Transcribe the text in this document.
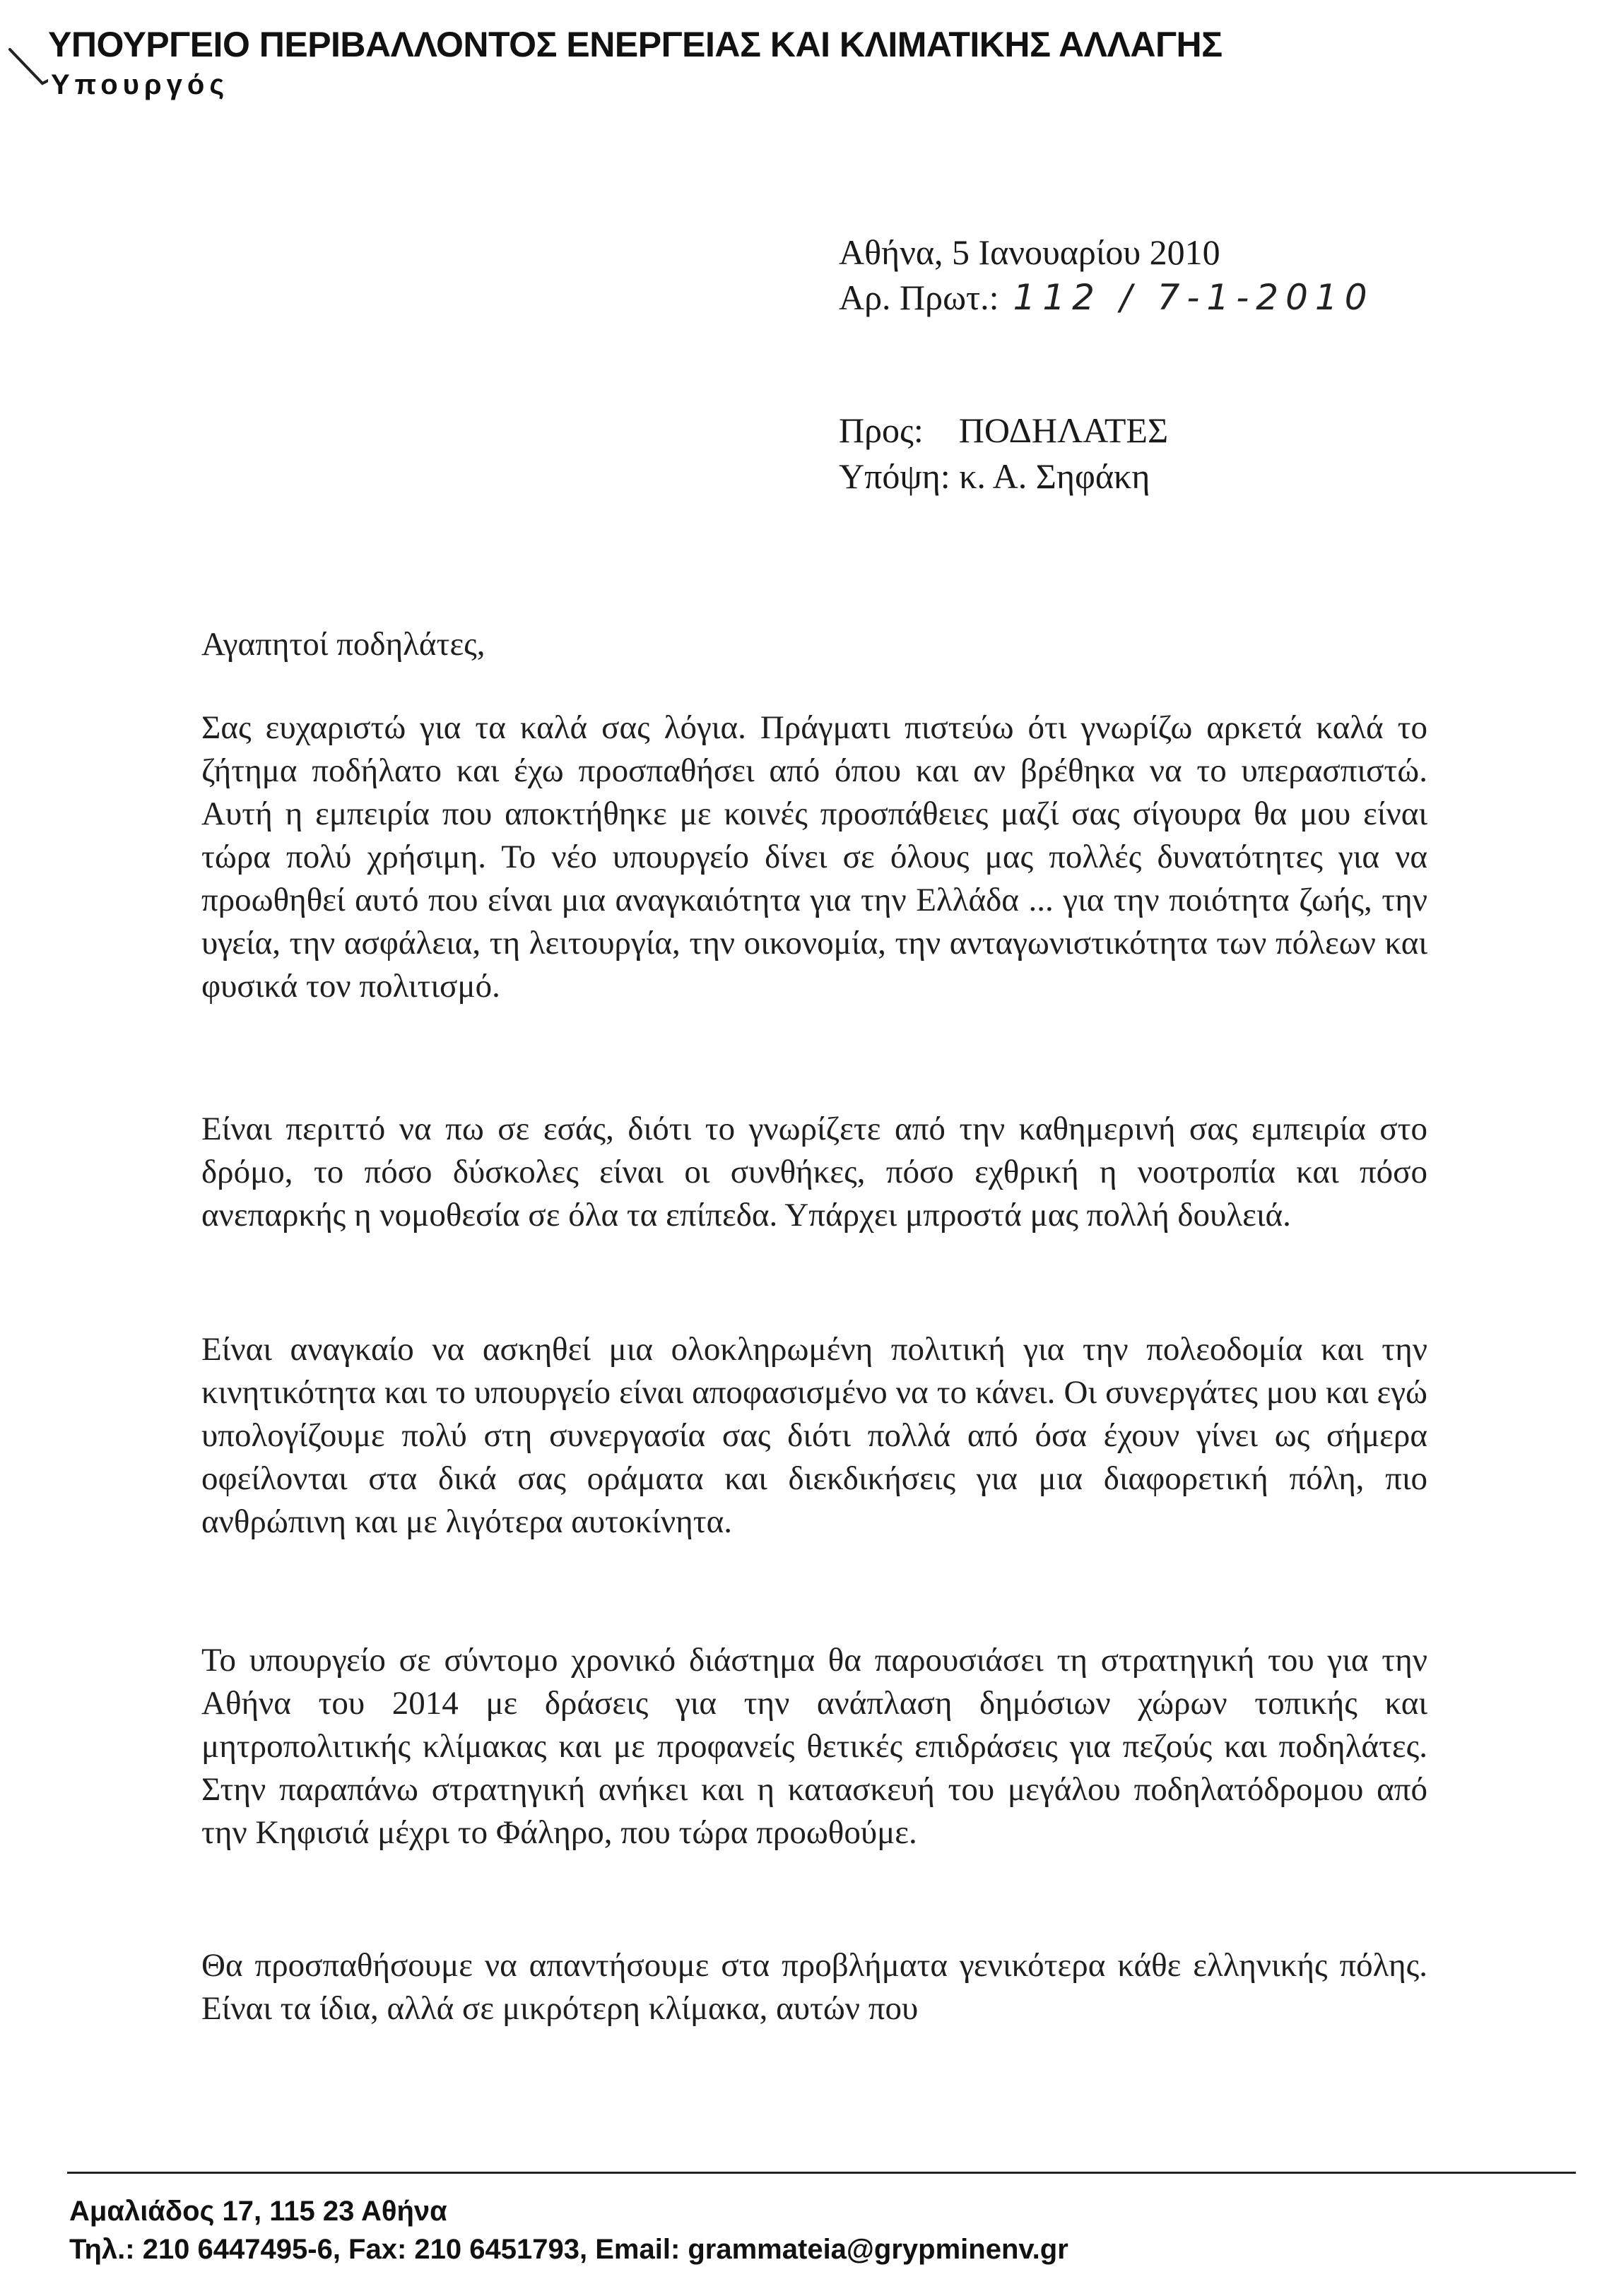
ΥΠΟΥΡΓΕΙΟ ΠΕΡΙΒΑΛΛΟΝΤΟΣ ΕΝΕΡΓΕΙΑΣ ΚΑΙ ΚΛΙΜΑΤΙΚΗΣ ΑΛΛΑΓΗΣ
Υπουργός
Αθήνα, 5 Ιανουαρίου 2010
Αρ. Πρωτ.: 112 / 7-1-2010
Προς: ΠΟΔΗΛΑΤΕΣ
Υπόψη: κ. Α. Σηφάκη

Αγαπητοί ποδηλάτες,

Σας ευχαριστώ για τα καλά σας λόγια. Πράγματι πιστεύω ότι γνωρίζω αρκετά καλά το ζήτημα ποδήλατο και έχω προσπαθήσει από όπου και αν βρέθηκα να το υπερασπιστώ. Αυτή η εμπειρία που αποκτήθηκε με κοινές προσπάθειες μαζί σας σίγουρα θα μου είναι τώρα πολύ χρήσιμη. Το νέο υπουργείο δίνει σε όλους μας πολλές δυνατότητες για να προωθηθεί αυτό που είναι μια αναγκαιότητα για την Ελλάδα ... για την ποιότητα ζωής, την υγεία, την ασφάλεια, τη λειτουργία, την οικονομία, την ανταγωνιστικότητα των πόλεων και φυσικά τον πολιτισμό.

Είναι περιττό να πω σε εσάς, διότι το γνωρίζετε από την καθημερινή σας εμπειρία στο δρόμο, το πόσο δύσκολες είναι οι συνθήκες, πόσο εχθρική η νοοτροπία και πόσο ανεπαρκής η νομοθεσία σε όλα τα επίπεδα. Υπάρχει μπροστά μας πολλή δουλειά.

Είναι αναγκαίο να ασκηθεί μια ολοκληρωμένη πολιτική για την πολεοδομία και την κινητικότητα και το υπουργείο είναι αποφασισμένο να το κάνει. Οι συνεργάτες μου και εγώ υπολογίζουμε πολύ στη συνεργασία σας διότι πολλά από όσα έχουν γίνει ως σήμερα οφείλονται στα δικά σας οράματα και διεκδικήσεις για μια διαφορετική πόλη, πιο ανθρώπινη και με λιγότερα αυτοκίνητα.

Το υπουργείο σε σύντομο χρονικό διάστημα θα παρουσιάσει τη στρατηγική του για την Αθήνα του 2014 με δράσεις για την ανάπλαση δημόσιων χώρων τοπικής και μητροπολιτικής κλίμακας και με προφανείς θετικές επιδράσεις για πεζούς και ποδηλάτες. Στην παραπάνω στρατηγική ανήκει και η κατασκευή του μεγάλου ποδηλατόδρομου από την Κηφισιά μέχρι το Φάληρο, που τώρα προωθούμε.

Θα προσπαθήσουμε να απαντήσουμε στα προβλήματα γενικότερα κάθε ελληνικής πόλης. Είναι τα ίδια, αλλά σε μικρότερη κλίμακα, αυτών που

Αμαλιάδος 17, 115 23 Αθήνα
Τηλ.: 210 6447495-6, Fax: 210 6451793, Email: grammateia@grypminenv.gr
